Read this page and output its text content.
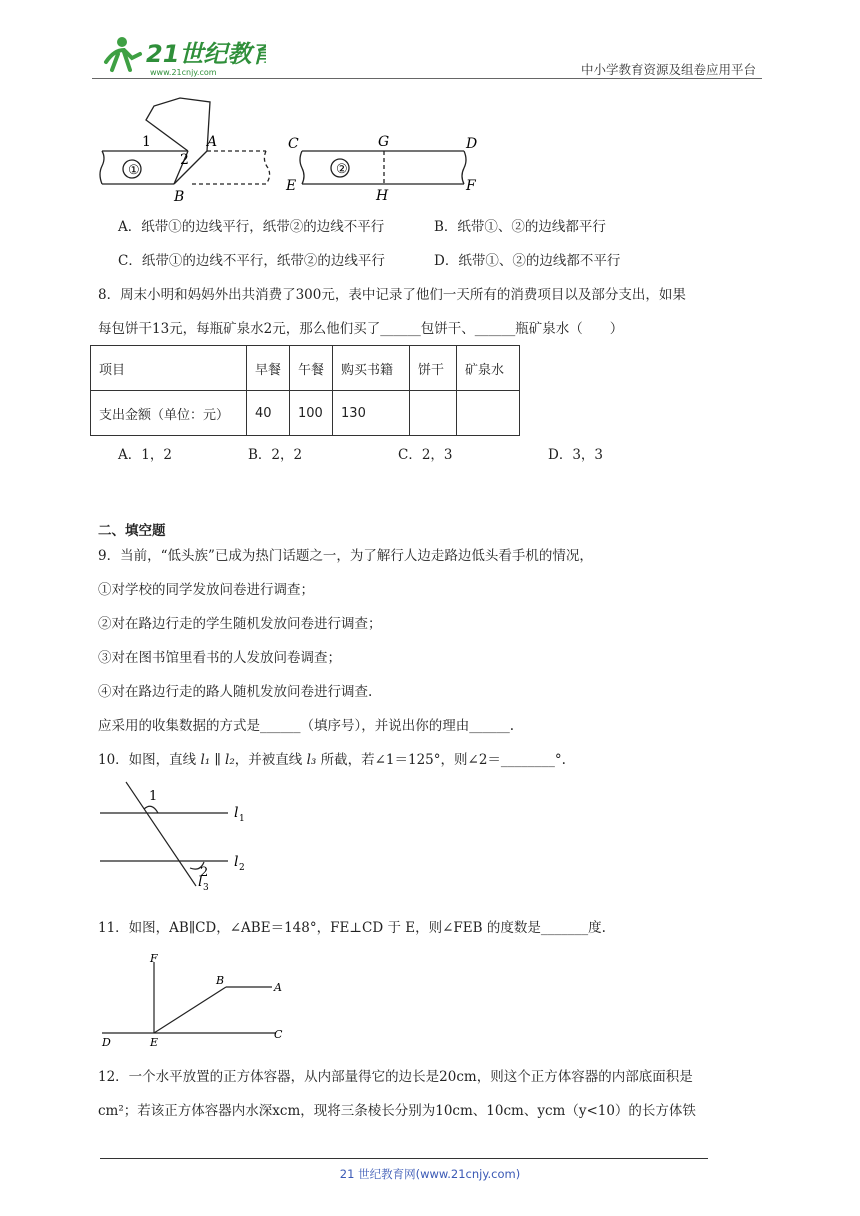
21世纪教育
www.21cnjy.com	中小学教育资源及组卷应用平台
①	②
1
2
A
B
C	G	D
E
H
F
A．纸带①的边线平行，纸带②的边线不平行	B．纸带①、②的边线都平行
C．纸带①的边线不平行，纸带②的边线平行	D．纸带①、②的边线都不平行
8．周末小明和妈妈外出共消费了300元，表中记录了他们一天所有的消费项目以及部分支出，如果
每包饼干13元，每瓶矿泉水2元，那么他们买了______包饼干、______瓶矿泉水（　　）
项目	早餐	午餐	购买书籍	饼干	矿泉水
支出金额（单位：元）	40	100	130		
A．1，2	B．2，2	C．2，3	D．3，3
二、填空题
9．当前，“低头族”已成为热门话题之一，为了解行人边走路边低头看手机的情况，
①对学校的同学发放问卷进行调查；
②对在路边行走的学生随机发放问卷进行调查；
③对在图书馆里看书的人发放问卷调查；
④对在路边行走的路人随机发放问卷进行调查.
应采用的收集数据的方式是______（填序号），并说出你的理由______.
10．如图，直线 l₁ ∥ l₂，并被直线 l₃ 所截，若∠1＝125°，则∠2＝________°.
1
2
l 1
l 2
l 3
11．如图，AB∥CD，∠ABE＝148°，FE⊥CD 于 E，则∠FEB 的度数是_______度.
F
B
A
D	E
C
12．一个水平放置的正方体容器，从内部量得它的边长是20cm，则这个正方体容器的内部底面积是
cm²；若该正方体容器内水深xcm，现将三条棱长分别为10cm、10cm、ycm（y<10）的长方体铁
21 世纪教育网(www.21cnjy.com)
